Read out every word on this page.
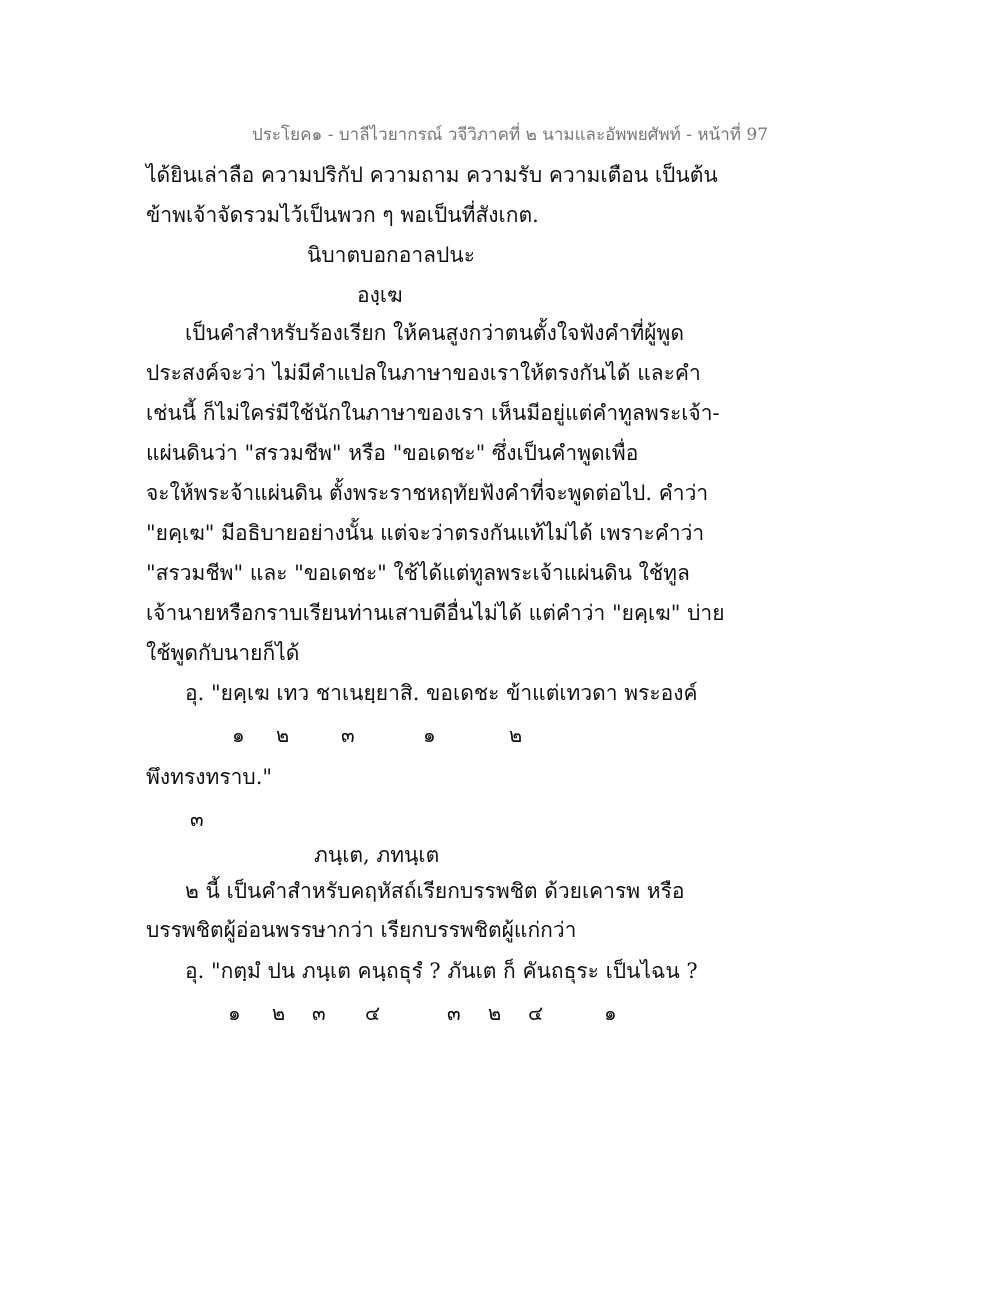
ประโยค๑ - บาลีไวยากรณ์ วจีวิภาคที่ ๒ นามและอัพพยศัพท์ - หน้าที่ 97
ได้ยินเล่าลือ ความปริกัป ความถาม ความรับ ความเตือน เป็นต้น
ข้าพเจ้าจัดรวมไว้เป็นพวก ๆ พอเป็นที่สังเกต.
นิบาตบอกอาลปนะ
องฺเฆ
เป็นคำสำหรับร้องเรียก ให้คนสูงกว่าตนตั้งใจฟังคำที่ผู้พูด
ประสงค์จะว่า ไม่มีคำแปลในภาษาของเราให้ตรงกันได้ และคำ
เช่นนี้ ก็ไม่ใคร่มีใช้นักในภาษาของเรา เห็นมีอยู่แต่คำทูลพระเจ้า-
แผ่นดินว่า "สรวมชีพ" หรือ "ขอเดชะ" ซึ่งเป็นคำพูดเพื่อ
จะให้พระจ้าแผ่นดิน ตั้งพระราชหฤทัยฟังคำที่จะพูดต่อไป. คำว่า
"ยคฺเฆ" มีอธิบายอย่างนั้น แต่จะว่าตรงกันแท้ไม่ได้ เพราะคำว่า
"สรวมชีพ" และ "ขอเดชะ" ใช้ได้แต่ทูลพระเจ้าแผ่นดิน ใช้ทูล
เจ้านายหรือกราบเรียนท่านเสาบดีอื่นไม่ได้ แต่คำว่า "ยคฺเฆ" บ่าย
ใช้พูดกับนายก็ได้
อุ. "ยคฺเฆ เทว ชาเนยฺยาสิ. ขอเดชะ ข้าแต่เทวดา พระองค์
๑ ๒	๓	๑	๒
พึงทรงทราบ."
๓
ภนฺเต, ภทนฺเต
๒ นี้ เป็นคำสำหรับคฤหัสถ์เรียกบรรพชิต ด้วยเคารพ หรือ
บรรพชิตผู้อ่อนพรรษากว่า เรียกบรรพชิตผู้แก่กว่า
อุ. "กตฺมํ ปน ภนฺเต คนฺถธุรํ ? ภันเต ก็ คันถธุระ เป็นไฉน ?
๑ ๒ ๓ ๔	๓ ๒ ๔	๑
